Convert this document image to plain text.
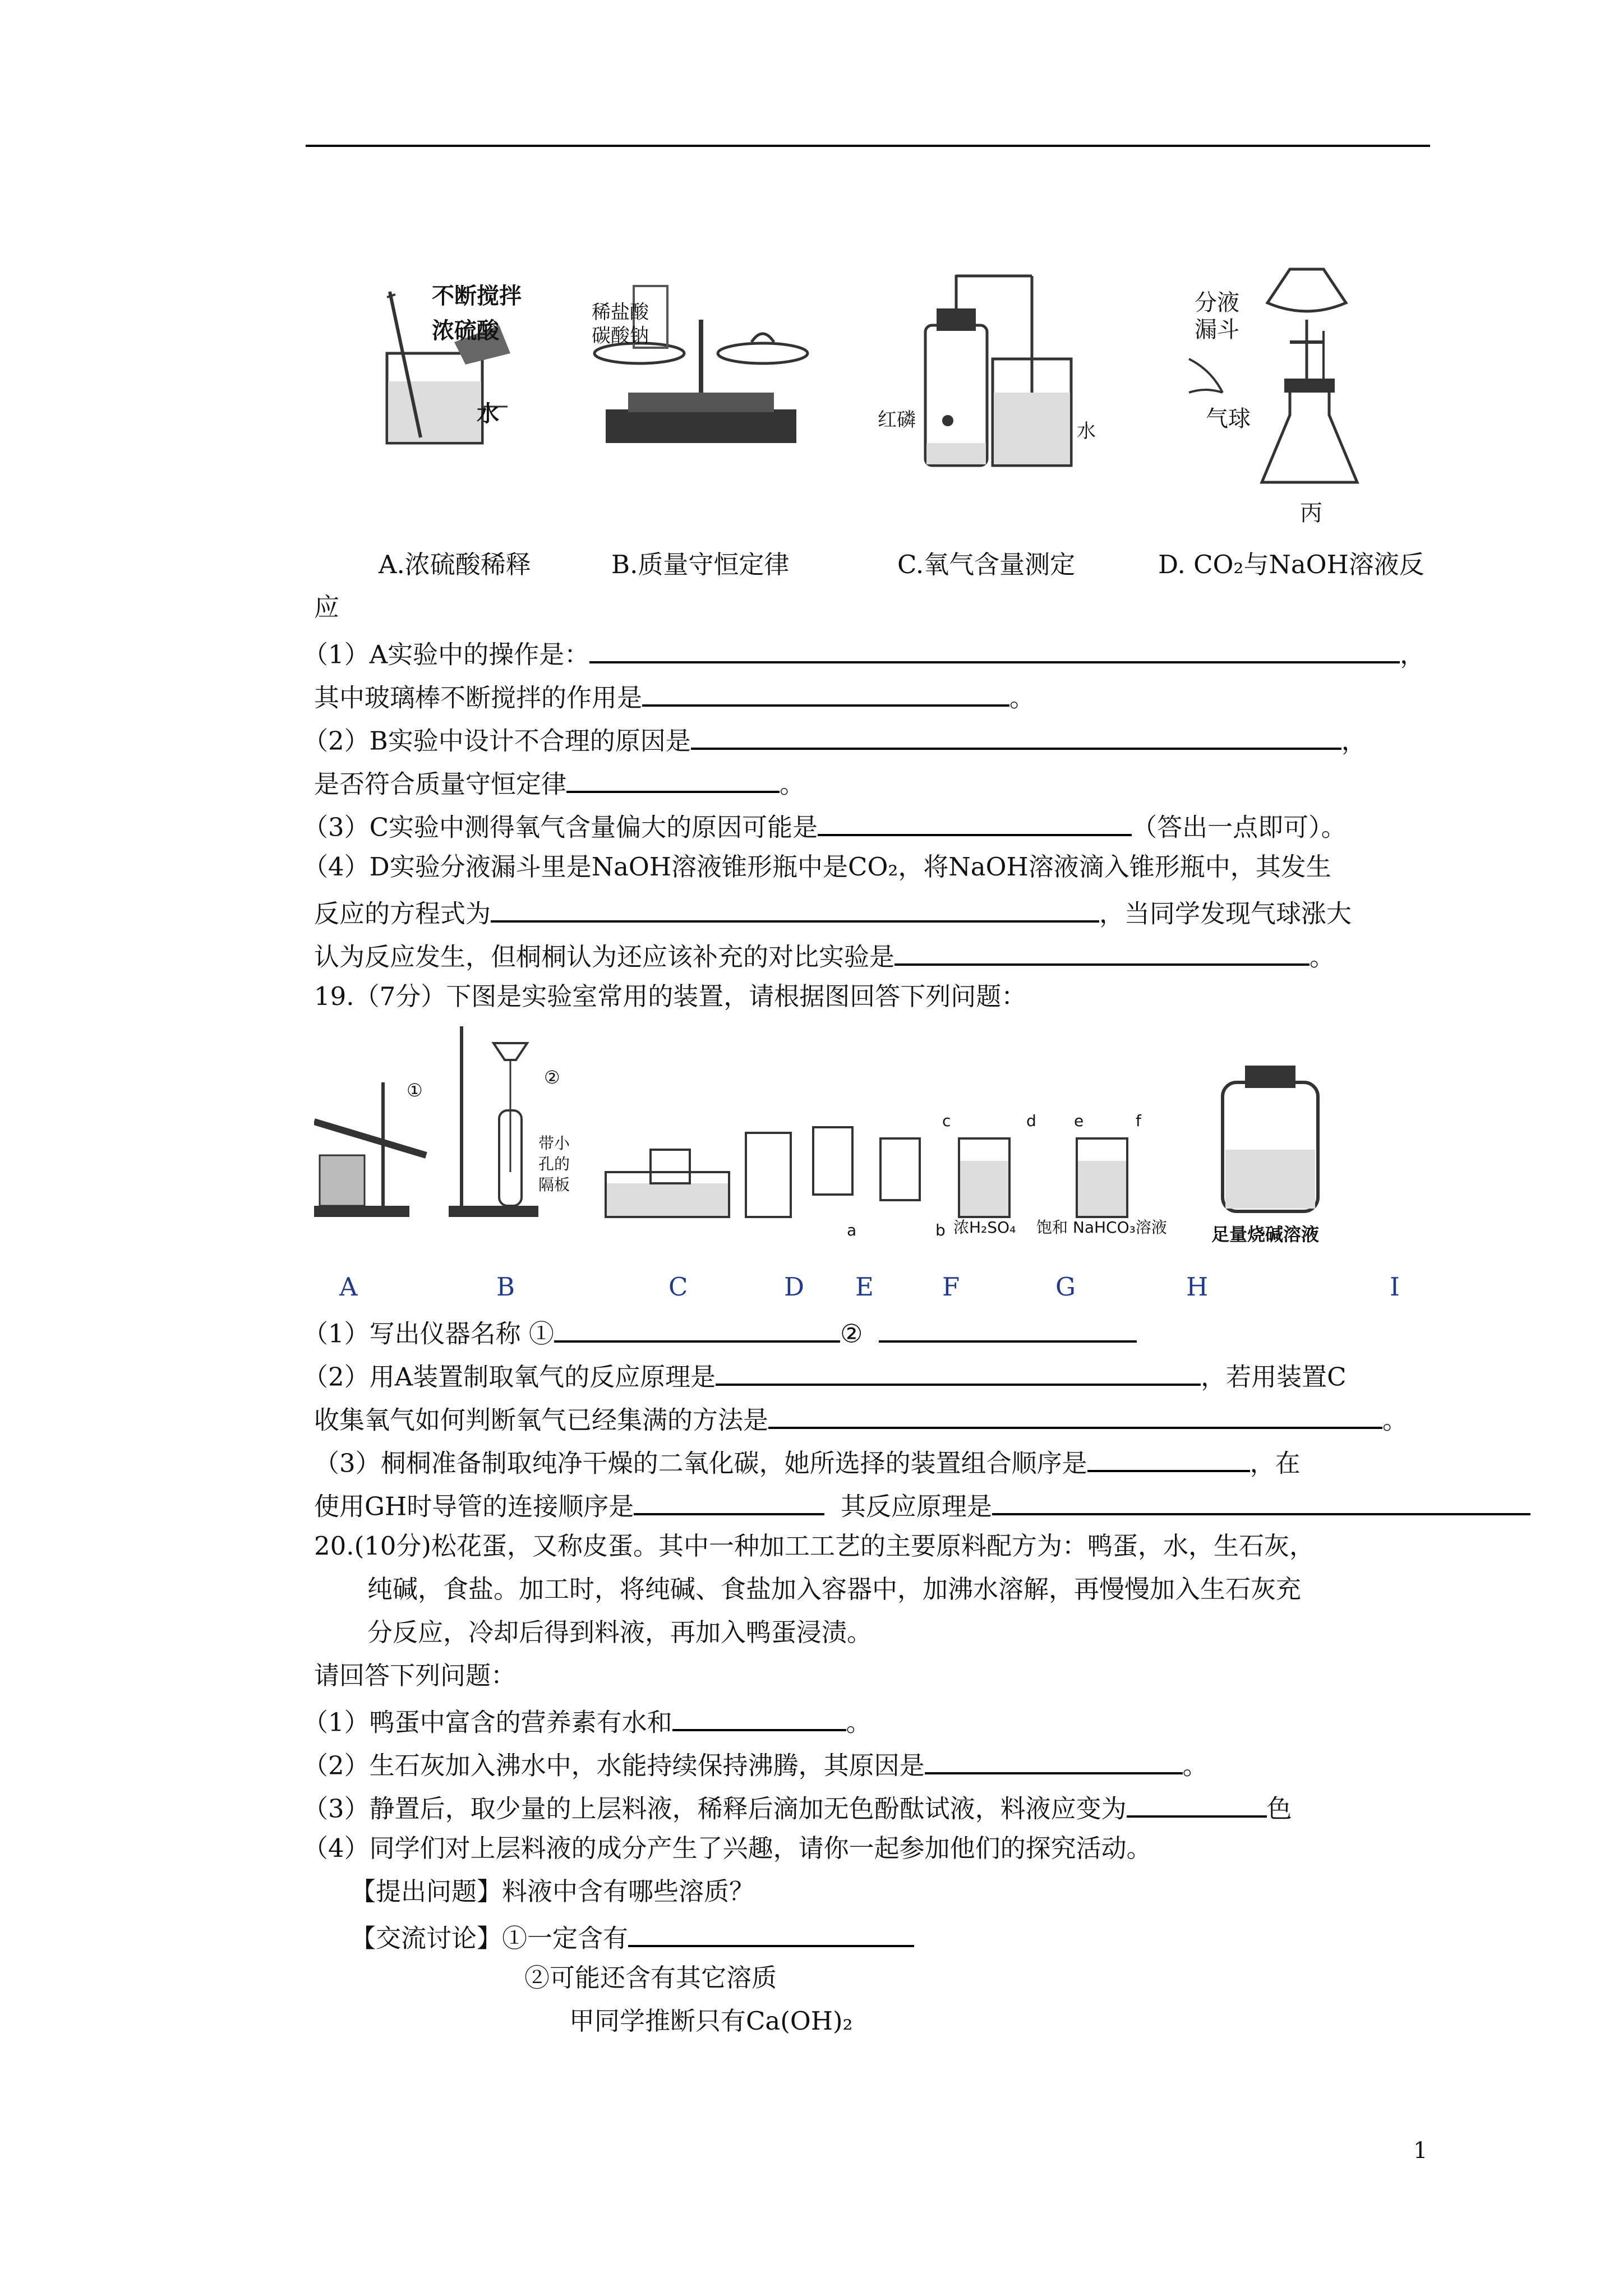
不断搅拌
浓硫酸
水
稀盐酸
碳酸钠
红磷	水
分液
漏斗
气球
丙
A.浓硫酸稀释	B.质量守恒定律	C.氧气含量测定	D. CO₂与NaOH溶液反
应
（1）A实验中的操作是：	，
其中玻璃棒不断搅拌的作用是	。
（2）B实验中设计不合理的原因是	，
是否符合质量守恒定律	。
（3）C实验中测得氧气含量偏大的原因可能是	（答出一点即可）。
（4）D实验分液漏斗里是NaOH溶液锥形瓶中是CO₂，将NaOH溶液滴入锥形瓶中，其发生
反应的方程式为	，当同学发现气球涨大
认为反应发生，但桐桐认为还应该补充的对比实验是	。
19.（7分）下图是实验室常用的装置，请根据图回答下列问题：
①
②
带小
孔的
隔板
c	d e	f
a	b 浓H₂SO₄ 饱和 NaHCO₃溶液 足量烧碱溶液
A	B	C	D E	F	G	H	I
（1）写出仪器名称 ①	②
（2）用A装置制取氧气的反应原理是	，若用装置C
收集氧气如何判断氧气已经集满的方法是	。
（3）桐桐准备制取纯净干燥的二氧化碳，她所选择的装置组合顺序是	，在
使用GH时导管的连接顺序是	其反应原理是
20.(10分)松花蛋，又称皮蛋。其中一种加工工艺的主要原料配方为：鸭蛋，水，生石灰，
纯碱，食盐。加工时，将纯碱、食盐加入容器中，加沸水溶解，再慢慢加入生石灰充
分反应，冷却后得到料液，再加入鸭蛋浸渍。
请回答下列问题：
（1）鸭蛋中富含的营养素有水和	。
（2）生石灰加入沸水中，水能持续保持沸腾，其原因是	。
（3）静置后，取少量的上层料液，稀释后滴加无色酚酞试液，料液应变为	色
（4）同学们对上层料液的成分产生了兴趣，请你一起参加他们的探究活动。
【提出问题】料液中含有哪些溶质？
【交流讨论】①一定含有
②可能还含有其它溶质
甲同学推断只有Ca(OH)₂
1
